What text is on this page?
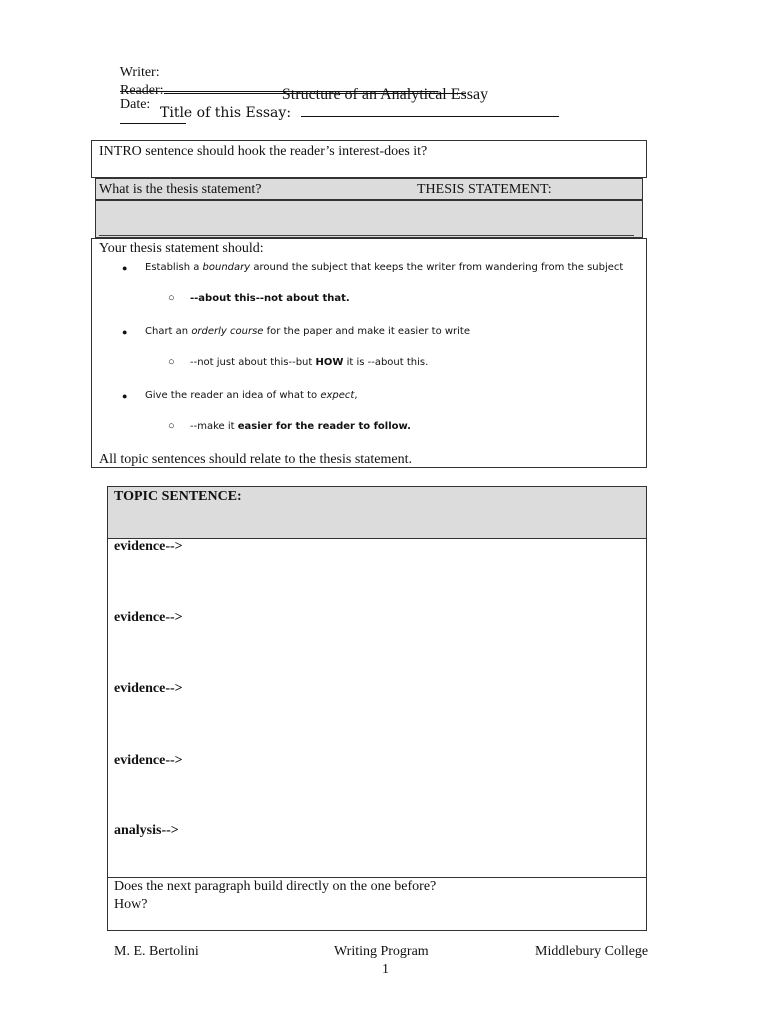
Writer:

Date:

Reader:	Structure of an Analytical Essay
Title of this Essay:
INTRO sentence should hook the reader’s interest-does it?
What is the thesis statement?	THESIS STATEMENT:
Your thesis statement should:
● Establish a boundary around the subject that keeps the writer from wandering from the subject
○ --about this--not about that.
● Chart an orderly course for the paper and make it easier to write
○ --not just about this--but HOW it is --about this.
● Give the reader an idea of what to expect,
○ --make it easier for the reader to follow.
All topic sentences should relate to the thesis statement.
TOPIC SENTENCE:
evidence-->
evidence-->
evidence-->
evidence-->
analysis-->
Does the next paragraph build directly on the one before?
How?
M. E. Bertolini	Writing Program	Middlebury College
1
